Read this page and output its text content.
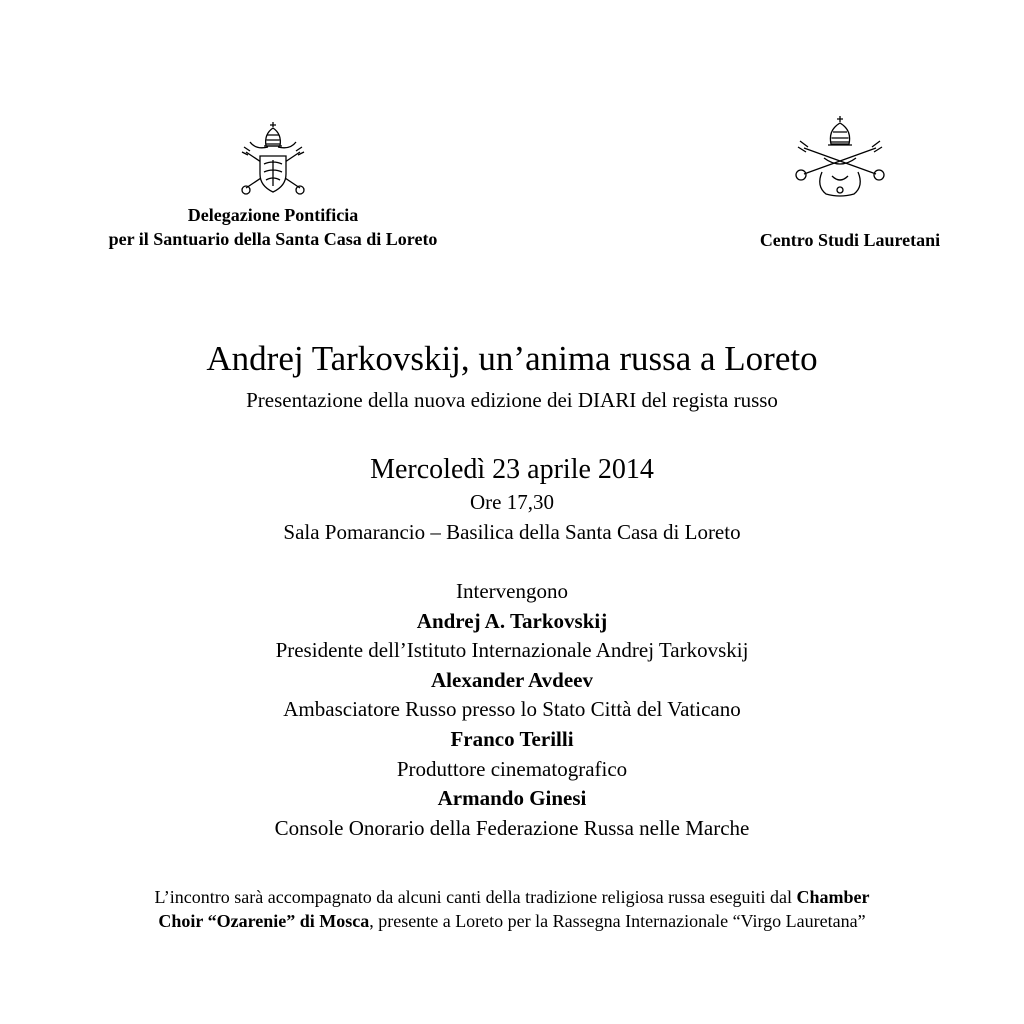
Delegazione Pontificia
per il Santuario della Santa Casa di Loreto	Centro Studi Lauretani
Andrej Tarkovskij, un’anima russa a Loreto
Presentazione della nuova edizione dei DIARI del regista russo
Mercoledì 23 aprile 2014
Ore 17,30
Sala Pomarancio – Basilica della Santa Casa di Loreto
Intervengono
Andrej A. Tarkovskij
Presidente dell’Istituto Internazionale Andrej Tarkovskij
Alexander Avdeev
Ambasciatore Russo presso lo Stato Città del Vaticano
Franco Terilli
Produttore cinematografico
Armando Ginesi
Console Onorario della Federazione Russa nelle Marche
L’incontro sarà accompagnato da alcuni canti della tradizione religiosa russa eseguiti dal Chamber
Choir “Ozarenie” di Mosca, presente a Loreto per la Rassegna Internazionale “Virgo Lauretana”
